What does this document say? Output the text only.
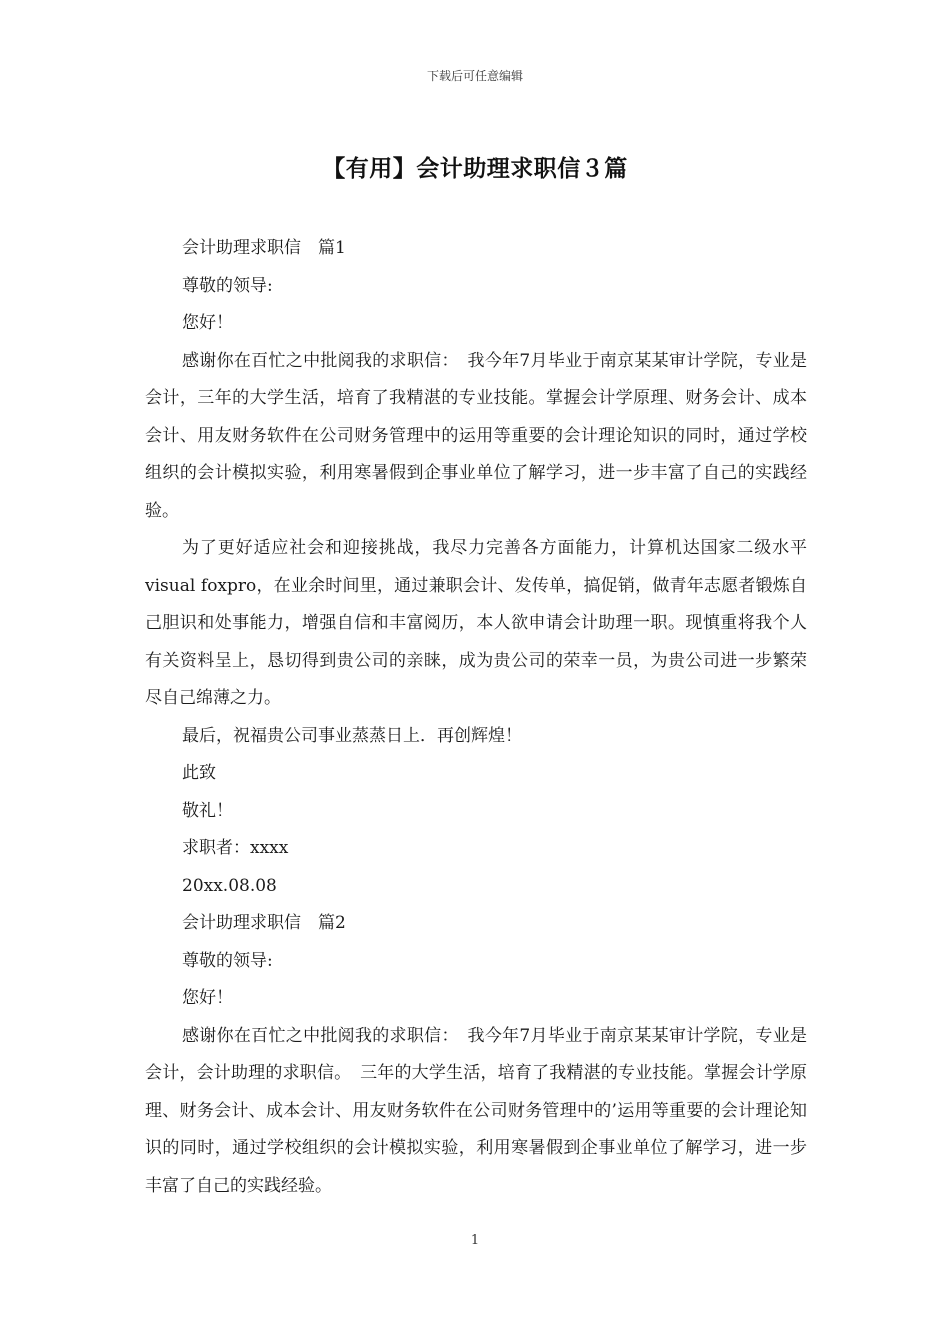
下载后可任意编辑
【有用】会计助理求职信３篇

会计助理求职信　篇1

尊敬的领导:

您好！

感谢你在百忙之中批阅我的求职信：　我今年7月毕业于南京某某审计学院，专业是会计，三年的大学生活，培育了我精湛的专业技能。掌握会计学原理、财务会计、成本会计、用友财务软件在公司财务管理中的运用等重要的会计理论知识的同时，通过学校组织的会计模拟实验，利用寒暑假到企事业单位了解学习，进一步丰富了自己的实践经验。

为了更好适应社会和迎接挑战，我尽力完善各方面能力，计算机达国家二级水平visual foxpro，在业余时间里，通过兼职会计、发传单，搞促销，做青年志愿者锻炼自己胆识和处事能力，增强自信和丰富阅历，本人欲申请会计助理一职。现慎重将我个人有关资料呈上，恳切得到贵公司的亲睐，成为贵公司的荣幸一员，为贵公司进一步繁荣尽自己绵薄之力。

最后，祝福贵公司事业蒸蒸日上．再创辉煌！

此致

敬礼！

求职者：xxxx

20xx.08.08

会计助理求职信　篇2

尊敬的领导:

您好！

感谢你在百忙之中批阅我的求职信：　我今年7月毕业于南京某某审计学院，专业是会计，会计助理的求职信。　三年的大学生活，培育了我精湛的专业技能。掌握会计学原理、财务会计、成本会计、用友财务软件在公司财务管理中的’运用等重要的会计理论知识的同时，通过学校组织的会计模拟实验，利用寒暑假到企事业单位了解学习，进一步丰富了自己的实践经验。

1
